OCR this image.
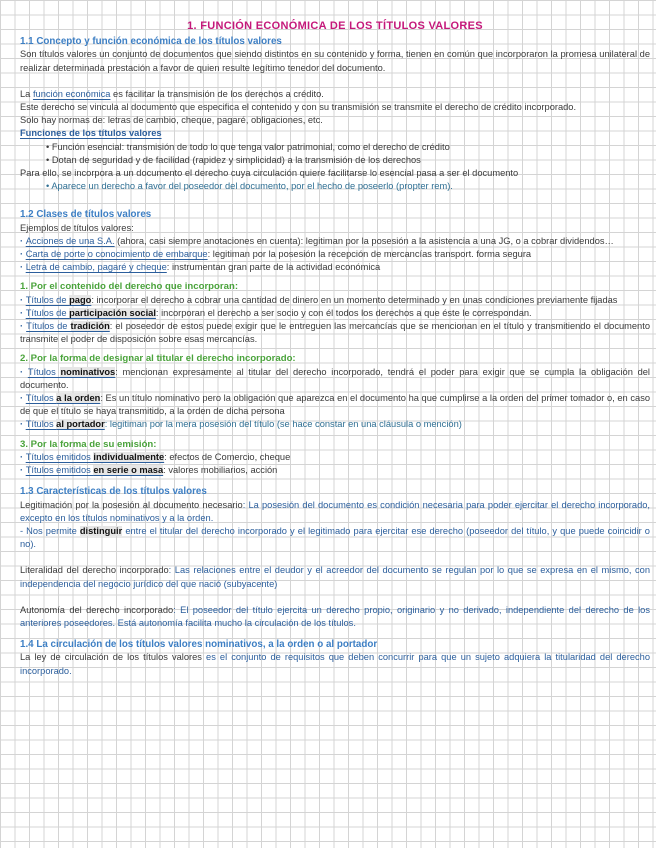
1. FUNCIÓN ECONÓMICA DE LOS TÍTULOS VALORES
1.1 Concepto y función económica de los títulos valores
Son títulos valores un conjunto de documentos que siendo distintos en su contenido y forma, tienen en común que incorporaron la promesa unilateral de realizar determinada prestación a favor de quien resulte legítimo tenedor del documento.
La función económica es facilitar la transmisión de los derechos a crédito.
Este derecho se vincula al documento que especifica el contenido y con su transmisión se transmite el derecho de crédito incorporado.
Solo hay normas de: letras de cambio, cheque, pagaré, obligaciones, etc.
Funciones de los títulos valores
• Función esencial: transmisión de todo lo que tenga valor patrimonial, como el derecho de crédito
• Dotan de seguridad y de facilidad (rapidez y simplicidad) a la transmisión de los derechos
Para ello, se incorpora a un documento el derecho cuya circulación quiere facilitarse lo esencial pasa a ser el documento
• Aparece un derecho a favor del poseedor del documento, por el hecho de poseerlo (propter rem).
1.2 Clases de títulos valores
Ejemplos de títulos valores:
· Acciones de una S.A. (ahora, casi siempre anotaciones en cuenta): legitiman por la posesión a la asistencia a una JG, o a cobrar dividendos…
· Carta de porte o conocimiento de embarque: legitiman por la posesión la recepción de mercancías transport. forma segura
· Letra de cambio, pagaré y cheque: instrumentan gran parte de la actividad económica
1. Por el contenido del derecho que incorporan:
· Títulos de pago: incorporar el derecho a cobrar una cantidad de dinero en un momento determinado y en unas condiciones previamente fijadas
· Títulos de participación social: incorporan el derecho a ser socio y con él todos los derechos a que éste le correspondan.
· Títulos de tradición: el poseedor de estos puede exigir que le entreguen las mercancías que se mencionan en el título y transmitiendo el documento transmite el poder de disposición sobre esas mercancías.
2. Por la forma de designar al titular el derecho incorporado:
· Títulos nominativos: mencionan expresamente al titular del derecho incorporado, tendrá el poder para exigir que se cumpla la obligación del documento.
· Títulos a la orden: Es un título nominativo pero la obligación que aparezca en el documento ha que cumplirse a la orden del primer tomador o, en caso de que el título se haya transmitido, a la orden de dicha persona
· Títulos al portador: legitiman por la mera posesión del título (se hace constar en una cláusula o mención)
3. Por la forma de su emisión:
· Títulos emitidos individualmente: efectos de Comercio, cheque
· Títulos emitidos en serie o masa: valores mobiliarios, acción
1.3 Características de los títulos valores
Legitimación por la posesión al documento necesario: La posesión del documento es condición necesaria para poder ejercitar el derecho incorporado, excepto en los títulos nominativos y a la orden.
- Nos permite distinguir entre el titular del derecho incorporado y el legitimado para ejercitar ese derecho (poseedor del título, y que puede coincidir o no).
Literalidad del derecho incorporado: Las relaciones entre el deudor y el acreedor del documento se regulan por lo que se expresa en el mismo, con independencia del negocio jurídico del que nació (subyacente)
Autonomía del derecho incorporado: El poseedor del título ejercita un derecho propio, originario y no derivado, independiente del derecho de los anteriores poseedores. Está autonomía facilita mucho la circulación de los títulos.
1.4 La circulación de los títulos valores nominativos, a la orden o al portador
La ley de circulación de los títulos valores es el conjunto de requisitos que deben concurrir para que un sujeto adquiera la titularidad del derecho incorporado.
